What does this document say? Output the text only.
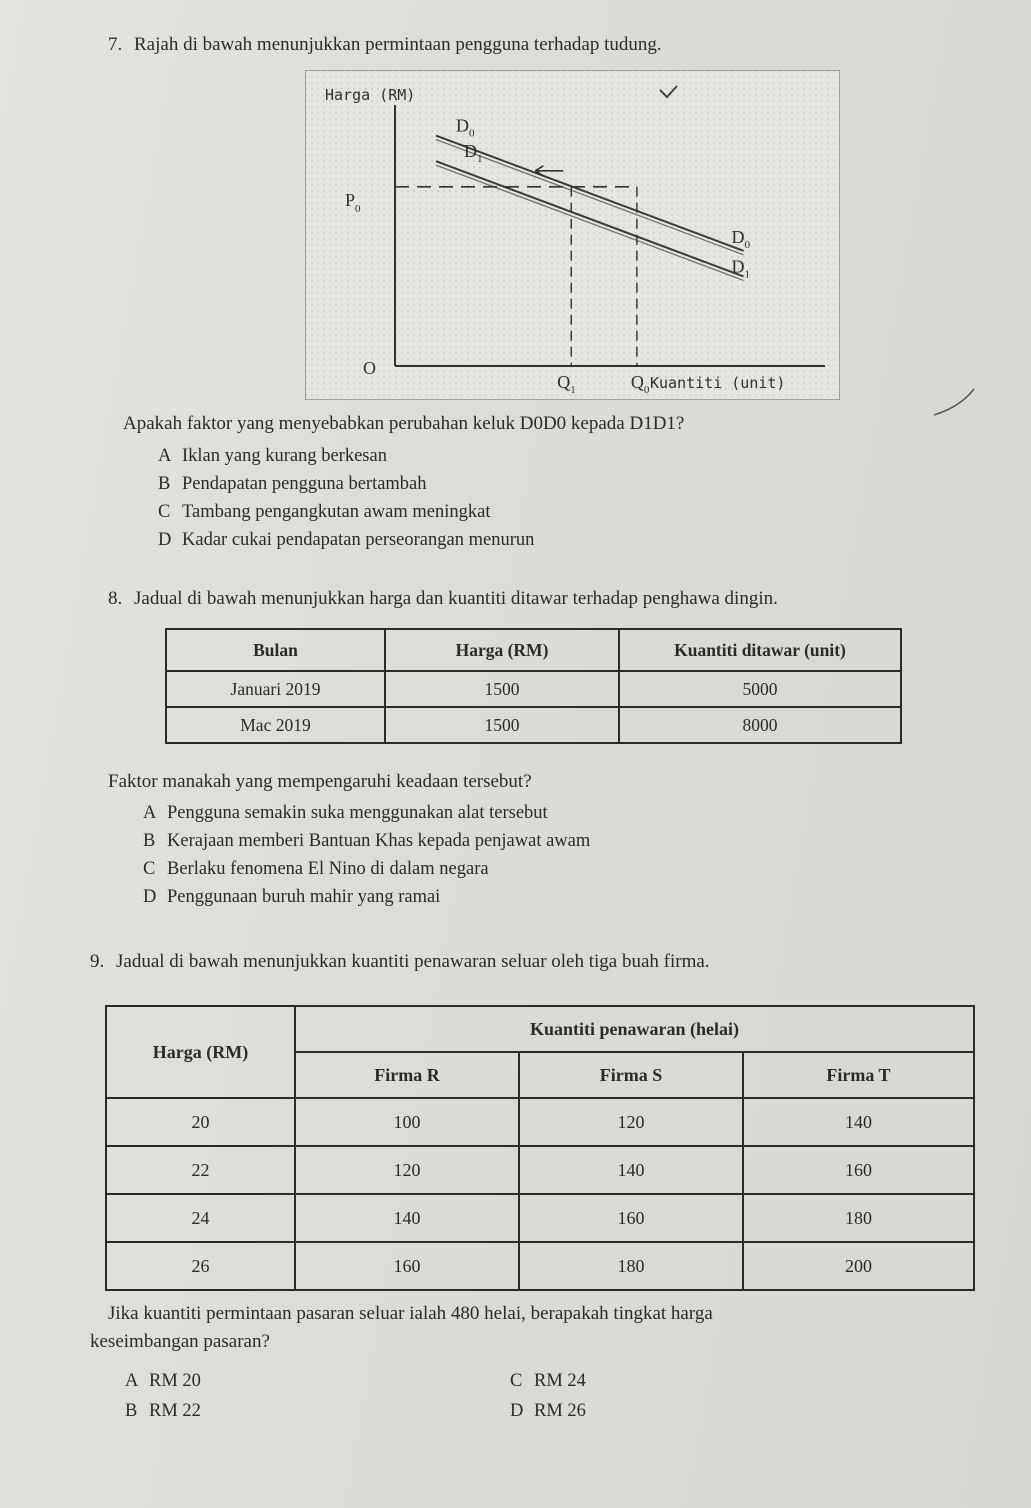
7. Rajah di bawah menunjukkan permintaan pengguna terhadap tudung.
Harga (RM)
Kuantiti (unit)
O
$P_0$
$Q_1$	$Q_0$
$D_0$
$D_1$
$D_0$
$D_1$
Apakah faktor yang menyebabkan perubahan keluk D0D0 kepada D1D1?
A Iklan yang kurang berkesan
B Pendapatan pengguna bertambah
C Tambang pengangkutan awam meningkat
D Kadar cukai pendapatan perseorangan menurun
8. Jadual di bawah menunjukkan harga dan kuantiti ditawar terhadap penghawa dingin.
Bulan	Harga (RM)	Kuantiti ditawar (unit)
Januari 2019	1500	5000
Mac 2019	1500	8000
Faktor manakah yang mempengaruhi keadaan tersebut?
A Pengguna semakin suka menggunakan alat tersebut
B Kerajaan memberi Bantuan Khas kepada penjawat awam
C Berlaku fenomena El Nino di dalam negara
D Penggunaan buruh mahir yang ramai
9. Jadual di bawah menunjukkan kuantiti penawaran seluar oleh tiga buah firma.
Harga (RM)	Kuantiti penawaran (helai)		
	Firma R	Firma S	Firma T
20	100	120	140
22	120	140	160
24	140	160	180
26	160	180	200
Jika kuantiti permintaan pasaran seluar ialah 480 helai, berapakah tingkat harga
keseimbangan pasaran?
A RM 20
B RM 22
C RM 24
D RM 26
